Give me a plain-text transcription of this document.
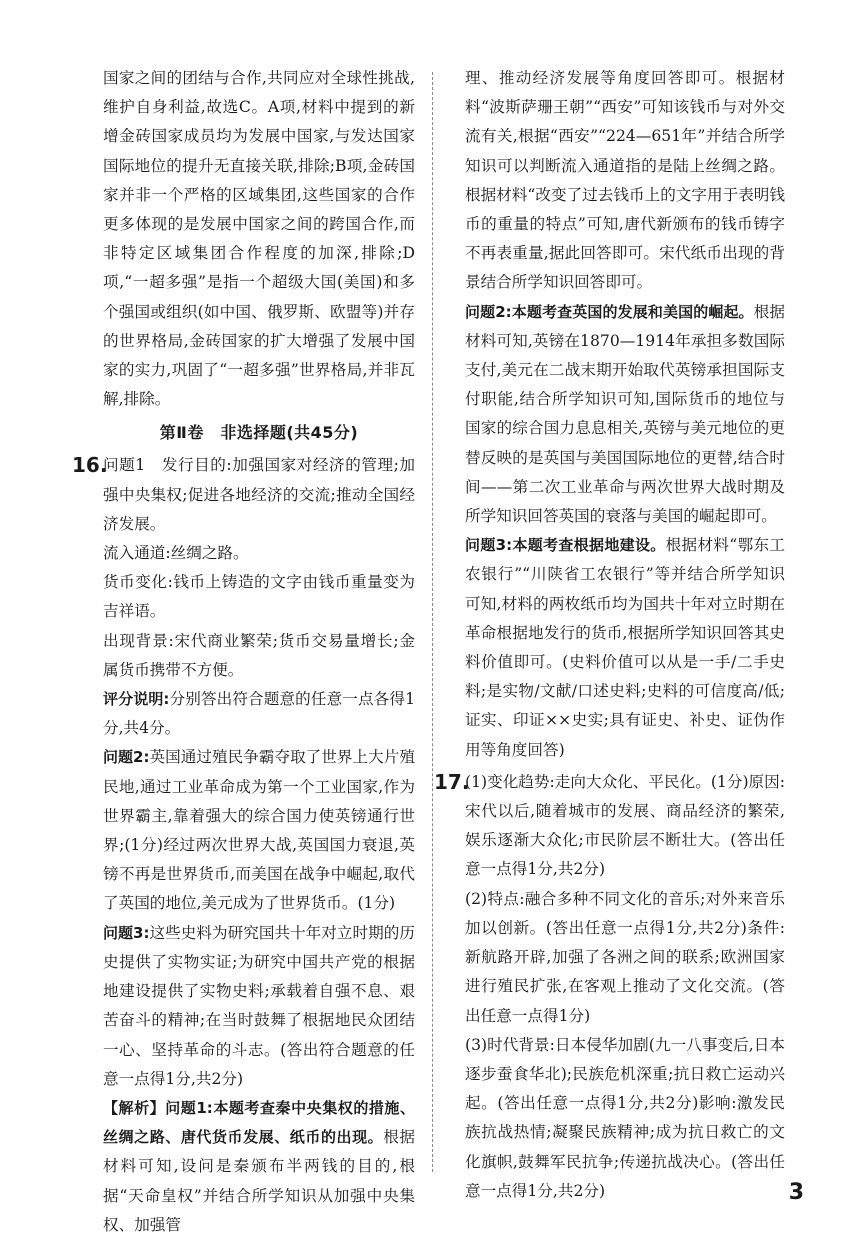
国家之间的团结与合作,共同应对全球性挑战,维护自身利益,故选C。A项,材料中提到的新增金砖国家成员均为发展中国家,与发达国家国际地位的提升无直接关联,排除;B项,金砖国家并非一个严格的区域集团,这些国家的合作更多体现的是发展中国家之间的跨国合作,而非特定区域集团合作程度的加深,排除;D项,“一超多强”是指一个超级大国(美国)和多个强国或组织(如中国、俄罗斯、欧盟等)并存的世界格局,金砖国家的扩大增强了发展中国家的实力,巩固了“一超多强”世界格局,并非瓦解,排除。

第Ⅱ卷　非选择题(共45分)
16.

问题1　发行目的:加强国家对经济的管理;加强中央集权;促进各地经济的交流;推动全国经济发展。

流入通道:丝绸之路。

货币变化:钱币上铸造的文字由钱币重量变为吉祥语。

出现背景:宋代商业繁荣;货币交易量增长;金属货币携带不方便。

评分说明:分别答出符合题意的任意一点各得1分,共4分。

问题2:英国通过殖民争霸夺取了世界上大片殖民地,通过工业革命成为第一个工业国家,作为世界霸主,靠着强大的综合国力使英镑通行世界;(1分)经过两次世界大战,英国国力衰退,英镑不再是世界货币,而美国在战争中崛起,取代了英国的地位,美元成为了世界货币。(1分)

问题3:这些史料为研究国共十年对立时期的历史提供了实物实证;为研究中国共产党的根据地建设提供了实物史料;承载着自强不息、艰苦奋斗的精神;在当时鼓舞了根据地民众团结一心、坚持革命的斗志。(答出符合题意的任意一点得1分,共2分)

【解析】问题1:本题考查秦中央集权的措施、丝绸之路、唐代货币发展、纸币的出现。根据材料可知,设问是秦颁布半两钱的目的,根据“天命皇权”并结合所学知识从加强中央集权、加强管

理、推动经济发展等角度回答即可。根据材料“波斯萨珊王朝”“西安”可知该钱币与对外交流有关,根据“西安”“224—651年”并结合所学知识可以判断流入通道指的是陆上丝绸之路。根据材料“改变了过去钱币上的文字用于表明钱币的重量的特点”可知,唐代新颁布的钱币铸字不再表重量,据此回答即可。宋代纸币出现的背景结合所学知识回答即可。

问题2:本题考查英国的发展和美国的崛起。根据材料可知,英镑在1870—1914年承担多数国际支付,美元在二战末期开始取代英镑承担国际支付职能,结合所学知识可知,国际货币的地位与国家的综合国力息息相关,英镑与美元地位的更替反映的是英国与美国国际地位的更替,结合时间——第二次工业革命与两次世界大战时期及所学知识回答英国的衰落与美国的崛起即可。

问题3:本题考查根据地建设。根据材料“鄂东工农银行”“川陕省工农银行”等并结合所学知识可知,材料的两枚纸币均为国共十年对立时期在革命根据地发行的货币,根据所学知识回答其史料价值即可。(史料价值可以从是一手/二手史料;是实物/文献/口述史料;史料的可信度高/低;证实、印证××史实;具有证史、补史、证伪作用等角度回答)

17.

(1)变化趋势:走向大众化、平民化。(1分)原因:宋代以后,随着城市的发展、商品经济的繁荣,娱乐逐渐大众化;市民阶层不断壮大。(答出任意一点得1分,共2分)

(2)特点:融合多种不同文化的音乐;对外来音乐加以创新。(答出任意一点得1分,共2分)条件:新航路开辟,加强了各洲之间的联系;欧洲国家进行殖民扩张,在客观上推动了文化交流。(答出任意一点得1分)

(3)时代背景:日本侵华加剧(九一八事变后,日本逐步蚕食华北);民族危机深重;抗日救亡运动兴起。(答出任意一点得1分,共2分)影响:激发民族抗战热情;凝聚民族精神;成为抗日救亡的文化旗帜,鼓舞军民抗争;传递抗战决心。(答出任意一点得1分,共2分)	3
